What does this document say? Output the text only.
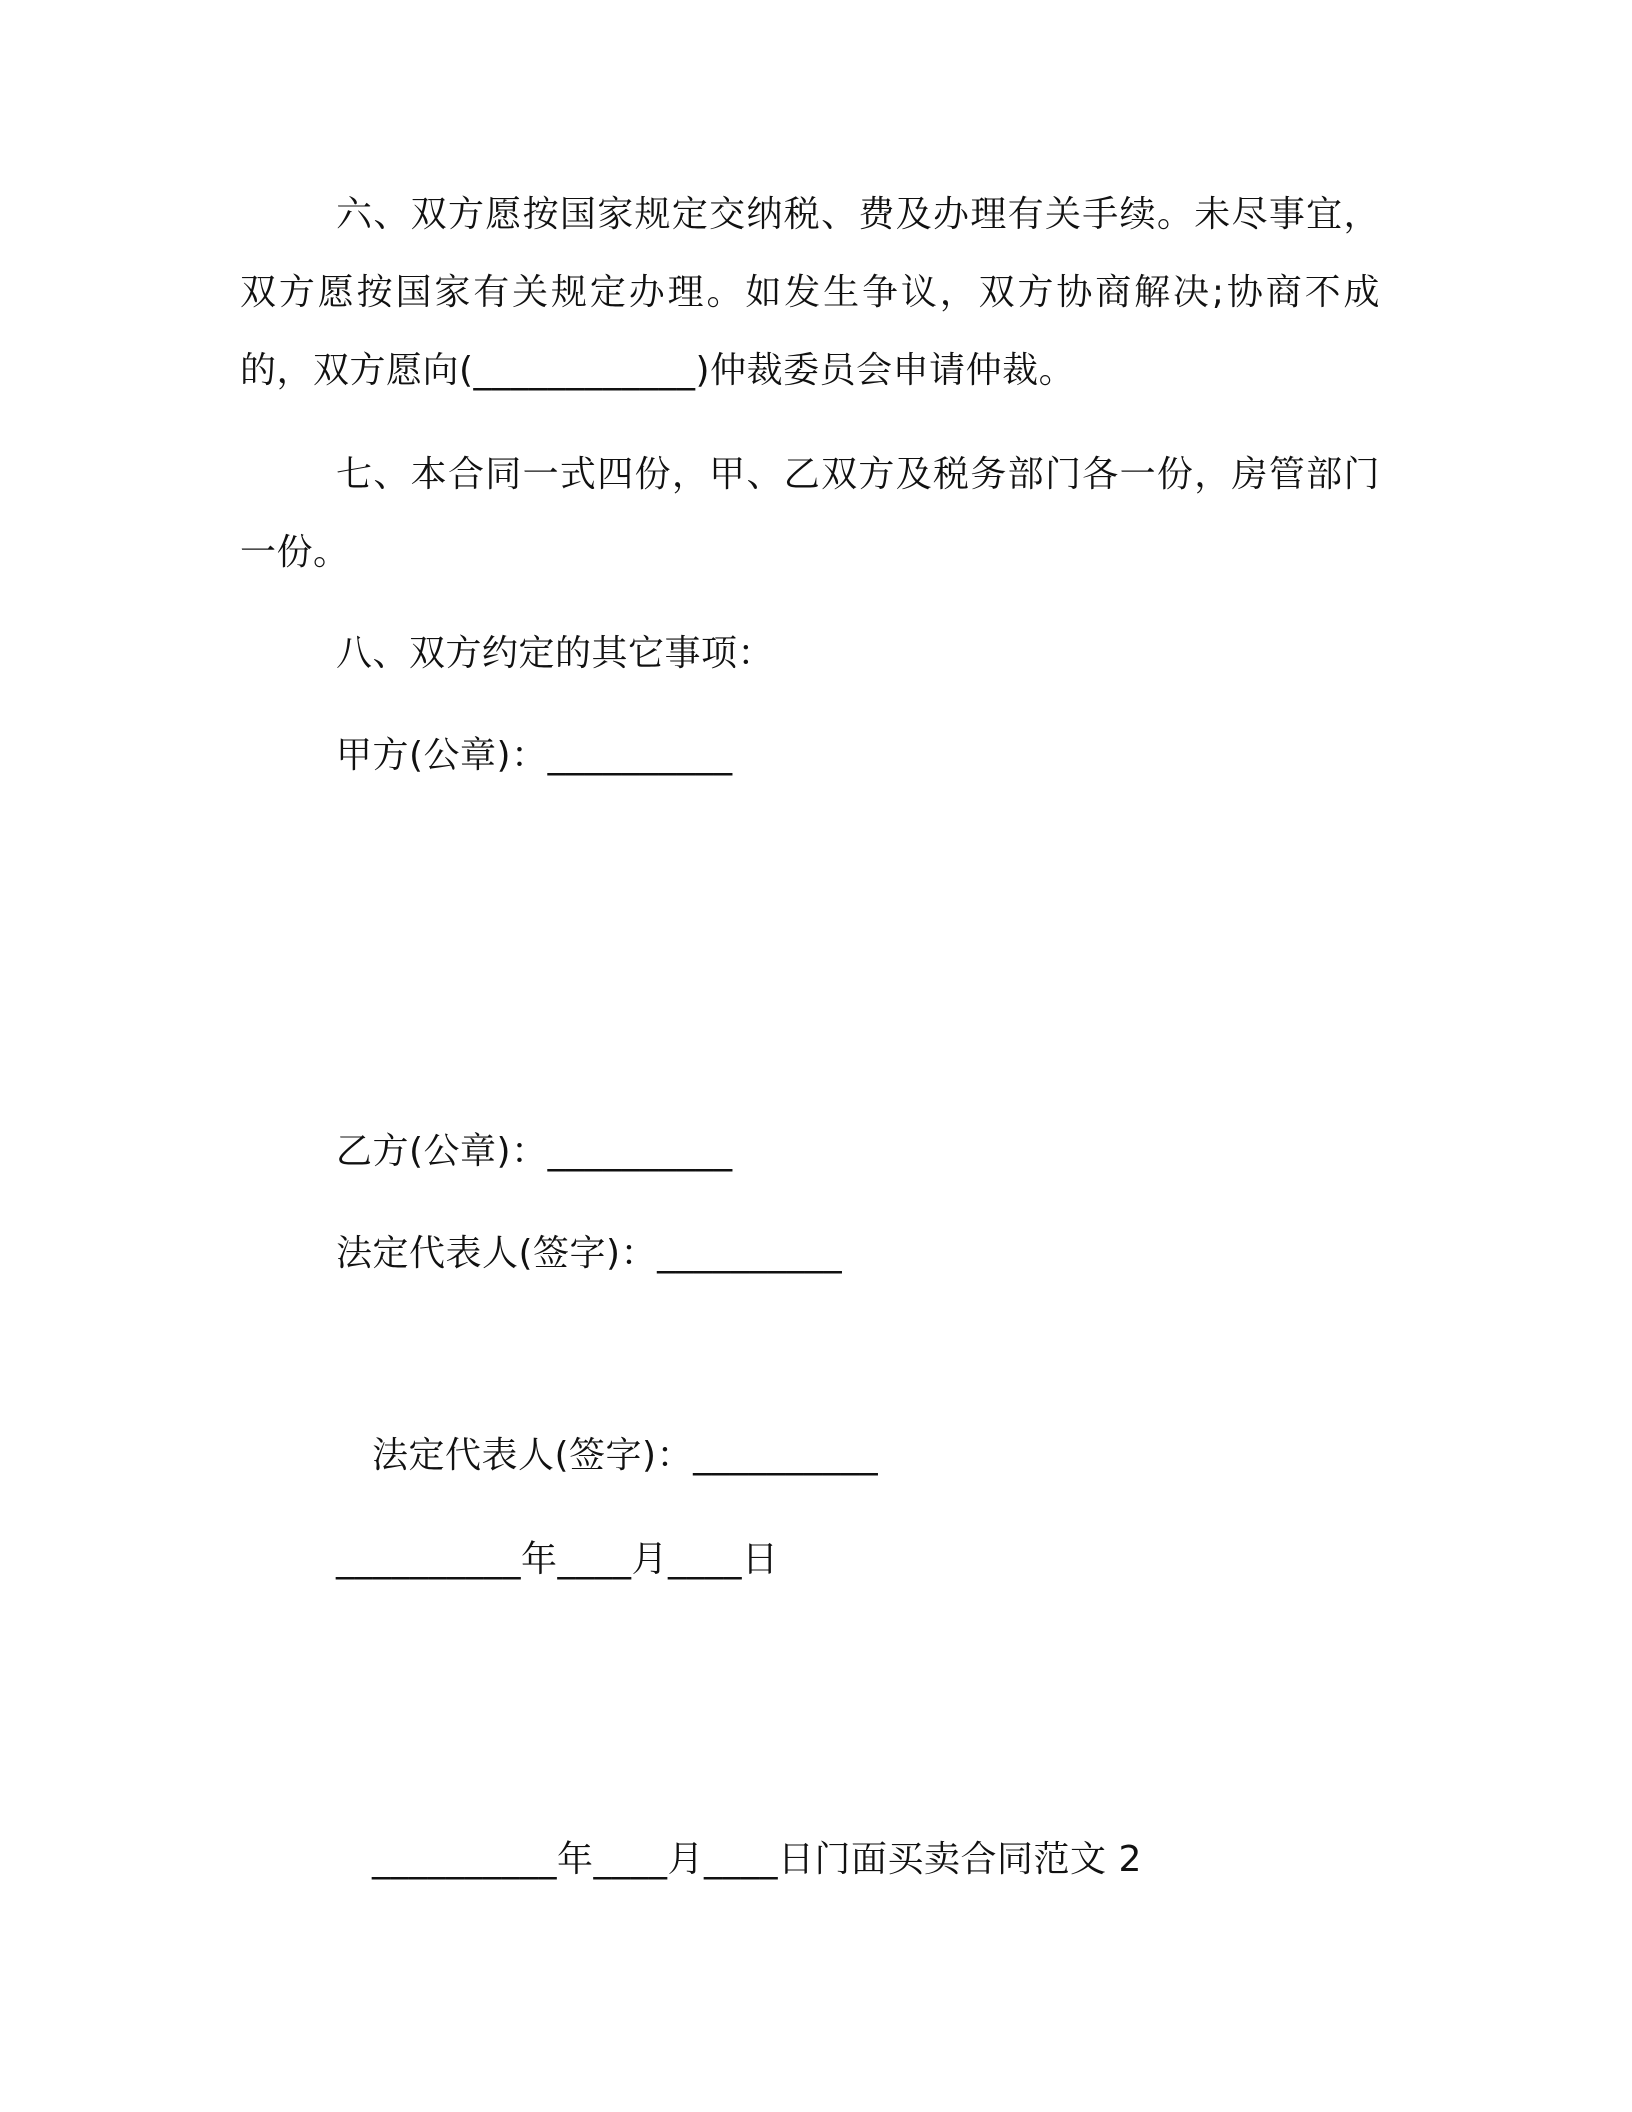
六、双方愿按国家规定交纳税、费及办理有关手续。未尽事宜，双方愿按国家有关规定办理。如发生争议，双方协商解决;协商不成的，双方愿向(____________)仲裁委员会申请仲裁。

七、本合同一式四份，甲、乙双方及税务部门各一份，房管部门一份。

八、双方约定的其它事项：
甲方(公章)：__________
乙方(公章)：__________
法定代表人(签字)：__________
法定代表人(签字)：__________
__________年____月____日
__________年____月____日门面买卖合同范文 2
